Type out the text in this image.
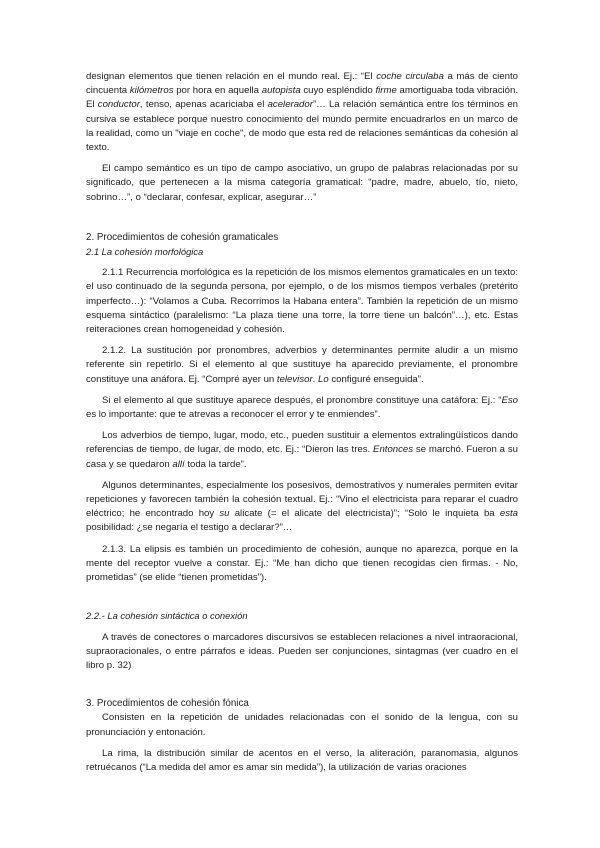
designan elementos que tienen relación en el mundo real. Ej.: “El coche circulaba a más de ciento cincuenta kilómetros por hora en aquella autopista cuyo espléndido firme amortiguaba toda vibración. El conductor, tenso, apenas acariciaba el acelerador”… La relación semántica entre los términos en cursiva se establece porque nuestro conocimiento del mundo permite encuadrarlos en un marco de la realidad, como un "viaje en coche", de modo que esta red de relaciones semánticas da cohesión al texto.

El campo semántico es un tipo de campo asociativo, un grupo de palabras relacionadas por su significado, que pertenecen a la misma categoría gramatical: “padre, madre, abuelo, tío, nieto, sobrino…”, o “declarar, confesar, explicar, asegurar…”

2. Procedimientos de cohesión gramaticales

2.1 La cohesión morfológica

2.1.1 Recurrencia morfológica es la repetición de los mismos elementos gramaticales en un texto: el uso continuado de la segunda persona, por ejemplo, o de los mismos tiempos verbales (pretérito imperfecto…): “Volamos a Cuba. Recorrimos la Habana entera”. También la repetición de un mismo esquema sintáctico (paralelismo: “La plaza tiene una torre, la torre tiene un balcón”…), etc. Estas reiteraciones crean homogeneidad y cohesión.

2.1.2. La sustitución por pronombres, adverbios y determinantes permite aludir a un mismo referente sin repetirlo. Si el elemento al que sustituye ha aparecido previamente, el pronombre constituye una anáfora. Ej. “Compré ayer un televisor. Lo configuré enseguida”.

Si el elemento al que sustituye aparece después, el pronombre constituye una catáfora: Ej.: “Eso es lo importante: que te atrevas a reconocer el error y te enmiendes”.

Los adverbios de tiempo, lugar, modo, etc., pueden sustituir a elementos extralingüísticos dando referencias de tiempo, de lugar, de modo, etc. Ej.: “Dieron las tres. Entonces se marchó. Fueron a su casa y se quedaron allí toda la tarde”.

Algunos determinantes, especialmente los posesivos, demostrativos y numerales permiten evitar repeticiones y favorecen también la cohesión textual. Ej.: “Vino el electricista para reparar el cuadro eléctrico; he encontrado hoy su alicate (= el alicate del electricista)”; “Solo le inquieta ba esta posibilidad: ¿se negaría el testigo a declarar?”…

2.1.3. La elipsis es también un procedimiento de cohesión, aunque no aparezca, porque en la mente del receptor vuelve a constar. Ej.: “Me han dicho que tienen recogidas cien firmas. - No, prometidas” (se elide “tienen prometidas”).

2.2.- La cohesión sintáctica o conexión

A través de conectores o marcadores discursivos se establecen relaciones a nivel intraoracional, supraoracionales, o entre párrafos e ideas. Pueden ser conjunciones, sintagmas (ver cuadro en el libro p. 32)

3. Procedimientos de cohesión fónica

Consisten en la repetición de unidades relacionadas con el sonido de la lengua, con su pronunciación y entonación.

La rima, la distribución similar de acentos en el verso, la aliteración, paranomasia, algunos retruécanos (“La medida del amor es amar sin medida”), la utilización de varias oraciones
